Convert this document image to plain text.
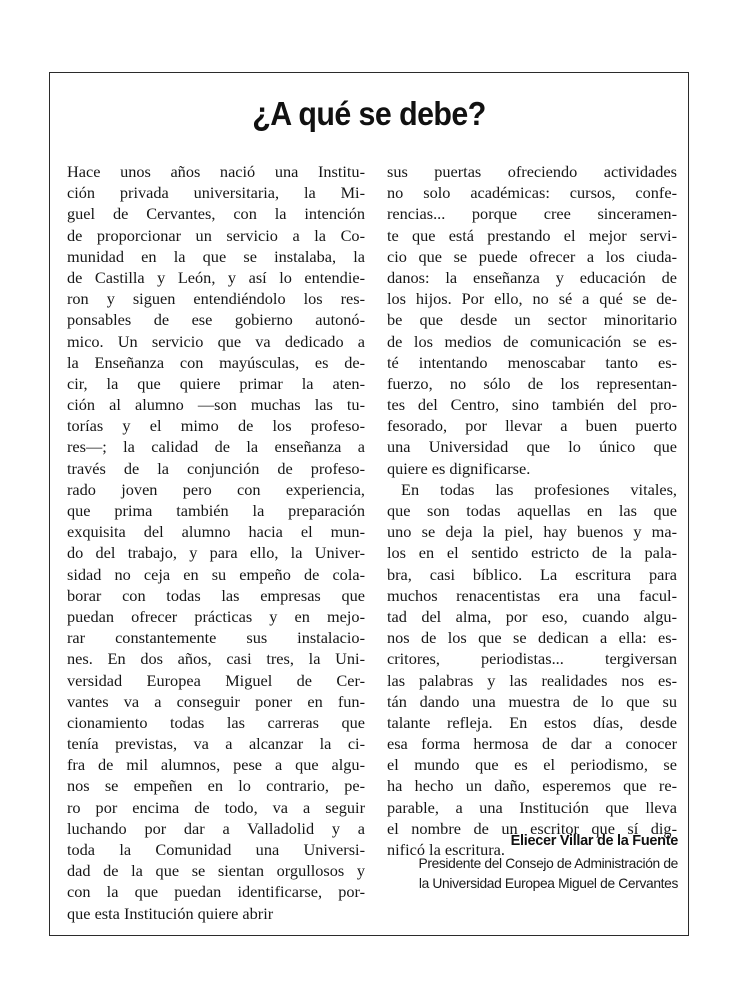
¿A qué se debe?
Hace unos años nació una Institu-
ción privada universitaria, la Mi-
guel de Cervantes, con la intención
de proporcionar un servicio a la Co-
munidad en la que se instalaba, la
de Castilla y León, y así lo entendie-
ron y siguen entendiéndolo los res-
ponsables de ese gobierno autonó-
mico. Un servicio que va dedicado a
la Enseñanza con mayúsculas, es de-
cir, la que quiere primar la aten-
ción al alumno —son muchas las tu-
torías y el mimo de los profeso-
res—; la calidad de la enseñanza a
través de la conjunción de profeso-
rado joven pero con experiencia,
que prima también la preparación
exquisita del alumno hacia el mun-
do del trabajo, y para ello, la Univer-
sidad no ceja en su empeño de cola-
borar con todas las empresas que
puedan ofrecer prácticas y en mejo-
rar constantemente sus instalacio-
nes. En dos años, casi tres, la Uni-
versidad Europea Miguel de Cer-
vantes va a conseguir poner en fun-
cionamiento todas las carreras que
tenía previstas, va a alcanzar la ci-
fra de mil alumnos, pese a que algu-
nos se empeñen en lo contrario, pe-
ro por encima de todo, va a seguir
luchando por dar a Valladolid y a
toda la Comunidad una Universi-
dad de la que se sientan orgullosos y
con la que puedan identificarse, por-
que esta Institución quiere abrir
sus puertas ofreciendo actividades
no solo académicas: cursos, confe-
rencias... porque cree sinceramen-
te que está prestando el mejor servi-
cio que se puede ofrecer a los ciuda-
danos: la enseñanza y educación de
los hijos. Por ello, no sé a qué se de-
be que desde un sector minoritario
de los medios de comunicación se es-
té intentando menoscabar tanto es-
fuerzo, no sólo de los representan-
tes del Centro, sino también del pro-
fesorado, por llevar a buen puerto
una Universidad que lo único que
quiere es dignificarse.
En todas las profesiones vitales,
que son todas aquellas en las que
uno se deja la piel, hay buenos y ma-
los en el sentido estricto de la pala-
bra, casi bíblico. La escritura para
muchos renacentistas era una facul-
tad del alma, por eso, cuando algu-
nos de los que se dedican a ella: es-
critores, periodistas... tergiversan
las palabras y las realidades nos es-
tán dando una muestra de lo que su
talante refleja. En estos días, desde
esa forma hermosa de dar a conocer
el mundo que es el periodismo, se
ha hecho un daño, esperemos que re-
parable, a una Institución que lleva
el nombre de un escritor que sí dig-
nificó la escritura. Eliecer Villar de la Fuente
Presidente del Consejo de Administración de
la Universidad Europea Miguel de Cervantes
